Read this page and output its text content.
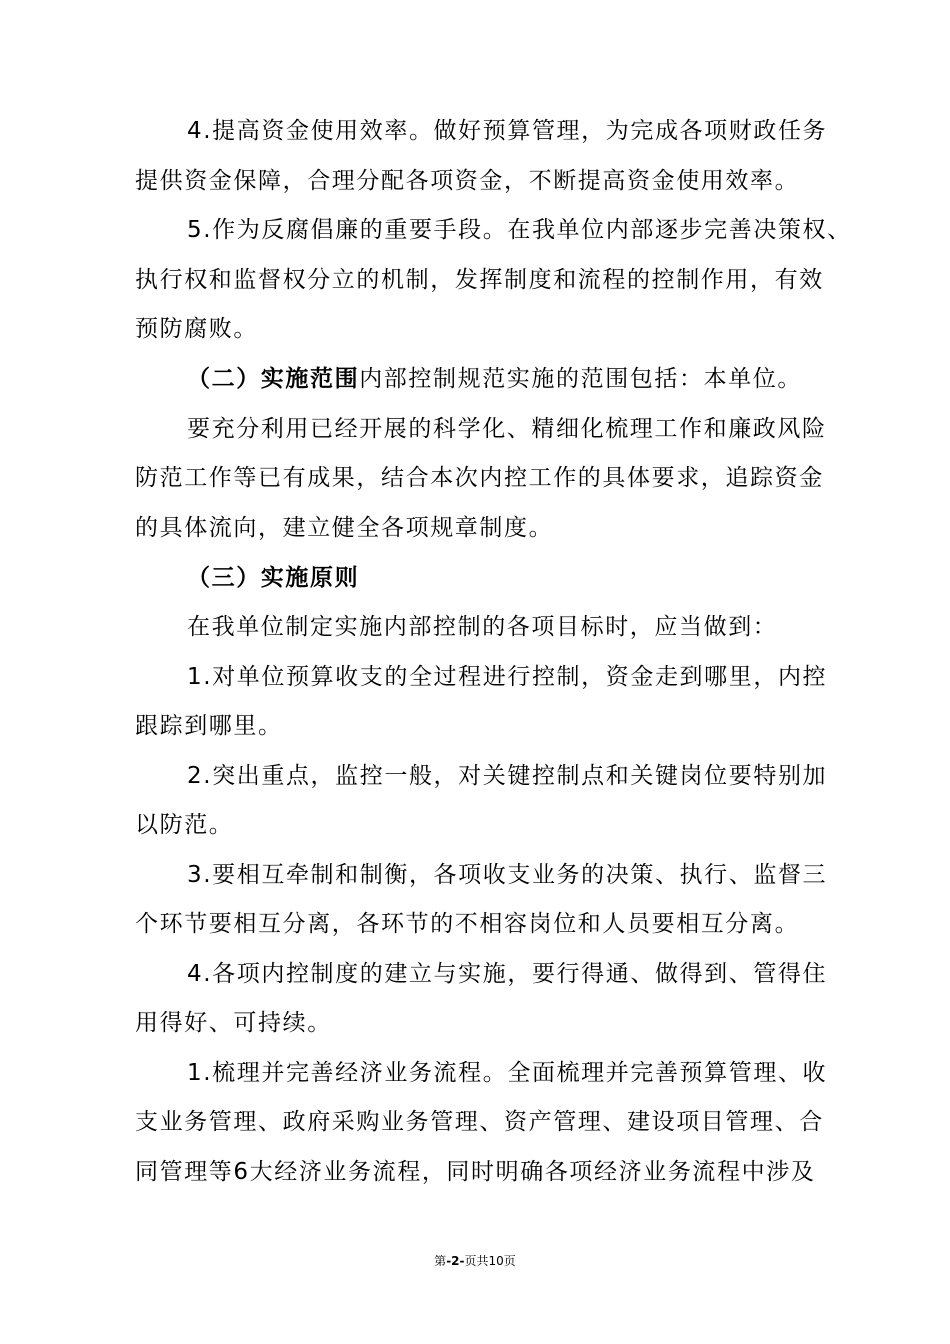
4.提高资金使用效率。做好预算管理，为完成各项财政任务
提供资金保障，合理分配各项资金，不断提高资金使用效率。
5.作为反腐倡廉的重要手段。在我单位内部逐步完善决策权、
执行权和监督权分立的机制，发挥制度和流程的控制作用，有效
预防腐败。
（二）实施范围内部控制规范实施的范围包括：本单位。
要充分利用已经开展的科学化、精细化梳理工作和廉政风险
防范工作等已有成果，结合本次内控工作的具体要求，追踪资金
的具体流向，建立健全各项规章制度。
（三）实施原则
在我单位制定实施内部控制的各项目标时，应当做到：
1.对单位预算收支的全过程进行控制，资金走到哪里，内控
跟踪到哪里。
2.突出重点，监控一般，对关键控制点和关键岗位要特别加
以防范。
3.要相互牵制和制衡，各项收支业务的决策、执行、监督三
个环节要相互分离，各环节的不相容岗位和人员要相互分离。
4.各项内控制度的建立与实施，要行得通、做得到、管得住
用得好、可持续。
1.梳理并完善经济业务流程。全面梳理并完善预算管理、收
支业务管理、政府采购业务管理、资产管理、建设项目管理、合
同管理等6大经济业务流程，同时明确各项经济业务流程中涉及
第-2-页共10页
